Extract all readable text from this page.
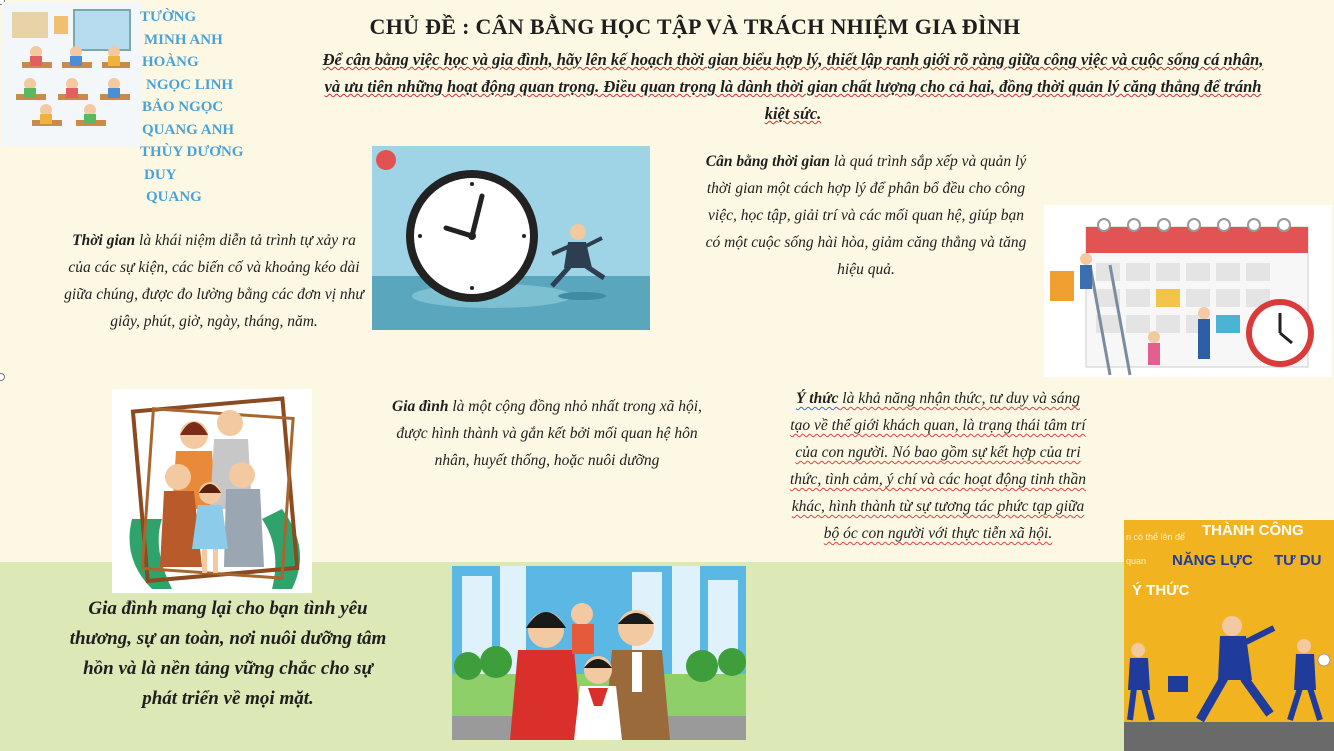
TƯỜNG
MINH ANH
HOÀNG
NGỌC LINH
BẢO NGỌC
QUANG ANH
THÙY DƯƠNG
DUY
QUANG
CHỦ ĐỀ : CÂN BẰNG HỌC TẬP VÀ TRÁCH NHIỆM GIA ĐÌNH
Để cân bằng việc học và gia đình, hãy lên kế hoạch thời gian biểu hợp lý, thiết lập ranh giới rõ ràng giữa công việc và cuộc sống cá nhân, và ưu tiên những hoạt động quan trọng. Điều quan trọng là dành thời gian chất lượng cho cả hai, đồng thời quản lý căng thẳng để tránh kiệt sức.
n có thể lên để THÀNH CÔNG
quan NĂNG LỰC TƯ DU
Ý THỨC
Thời gian là khái niệm diễn tả trình tự xảy ra của các sự kiện, các biến cố và khoảng kéo dài giữa chúng, được đo lường bằng các đơn vị như giây, phút, giờ, ngày, tháng, năm.
Cân bằng thời gian là quá trình sắp xếp và quản lý thời gian một cách hợp lý để phân bổ đều cho công việc, học tập, giải trí và các mối quan hệ, giúp bạn có một cuộc sống hài hòa, giảm căng thẳng và tăng hiệu quả.
Gia đình là một cộng đồng nhỏ nhất trong xã hội, được hình thành và gắn kết bởi mối quan hệ hôn nhân, huyết thống, hoặc nuôi dưỡng
Ý thức là khả năng nhận thức, tư duy và sáng tạo về thế giới khách quan, là trạng thái tâm trí của con người. Nó bao gồm sự kết hợp của tri thức, tình cảm, ý chí và các hoạt động tinh thần khác, hình thành từ sự tương tác phức tạp giữa bộ óc con người với thực tiễn xã hội.
Gia đình mang lại cho bạn tình yêu thương, sự an toàn, nơi nuôi dưỡng tâm hồn và là nền tảng vững chắc cho sự phát triển về mọi mặt.
